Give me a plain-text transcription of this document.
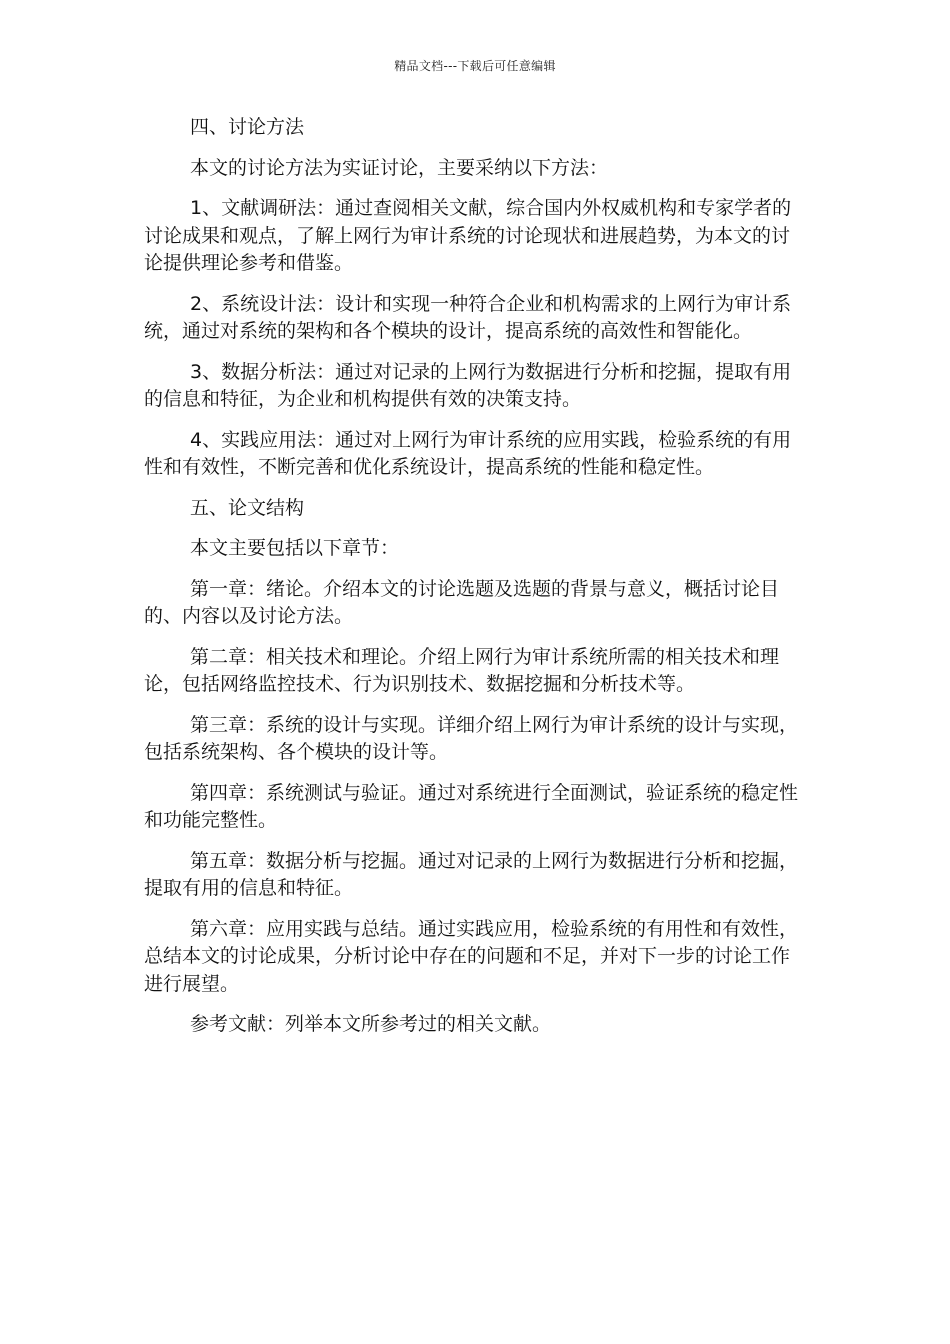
精品文档---下载后可任意编辑

四、讨论方法

本文的讨论方法为实证讨论，主要采纳以下方法：

1、文献调研法：通过查阅相关文献，综合国内外权威机构和专家学者的讨论成果和观点，了解上网行为审计系统的讨论现状和进展趋势，为本文的讨论提供理论参考和借鉴。

2、系统设计法：设计和实现一种符合企业和机构需求的上网行为审计系统，通过对系统的架构和各个模块的设计，提高系统的高效性和智能化。

3、数据分析法：通过对记录的上网行为数据进行分析和挖掘，提取有用的信息和特征，为企业和机构提供有效的决策支持。

4、实践应用法：通过对上网行为审计系统的应用实践，检验系统的有用性和有效性，不断完善和优化系统设计，提高系统的性能和稳定性。

五、论文结构

本文主要包括以下章节：

第一章：绪论。介绍本文的讨论选题及选题的背景与意义，概括讨论目的、内容以及讨论方法。

第二章：相关技术和理论。介绍上网行为审计系统所需的相关技术和理论，包括网络监控技术、行为识别技术、数据挖掘和分析技术等。

第三章：系统的设计与实现。详细介绍上网行为审计系统的设计与实现，包括系统架构、各个模块的设计等。

第四章：系统测试与验证。通过对系统进行全面测试，验证系统的稳定性和功能完整性。

第五章：数据分析与挖掘。通过对记录的上网行为数据进行分析和挖掘，提取有用的信息和特征。

第六章：应用实践与总结。通过实践应用，检验系统的有用性和有效性，总结本文的讨论成果，分析讨论中存在的问题和不足，并对下一步的讨论工作进行展望。

参考文献：列举本文所参考过的相关文献。
